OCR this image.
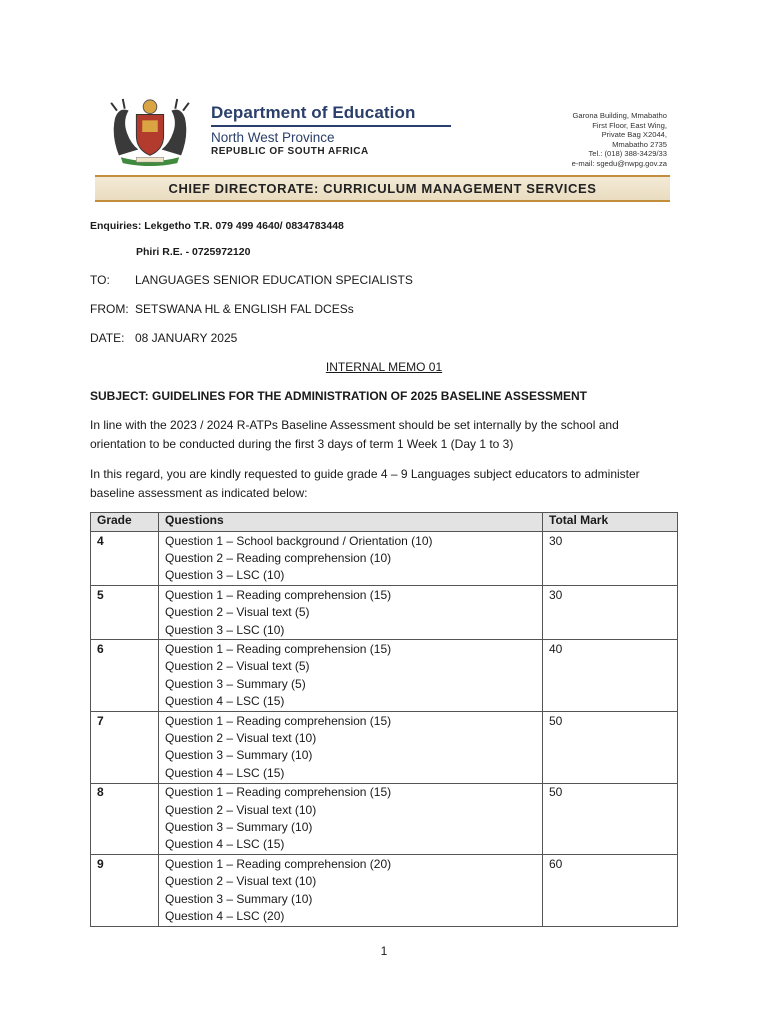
Department of Education
North West Province
REPUBLIC OF SOUTH AFRICA
Garona Building, Mmabatho
First Floor, East Wing,
Private Bag X2044,
Mmabatho 2735
Tel.: (018) 388-3429/33
e-mail: sgedu@nwpg.gov.za
CHIEF DIRECTORATE: CURRICULUM MANAGEMENT SERVICES
Enquiries: Lekgetho T.R. 079 499 4640/ 0834783448
Phiri R.E. - 0725972120
TO: LANGUAGES SENIOR EDUCATION SPECIALISTS
FROM: SETSWANA HL & ENGLISH FAL DCESs
DATE: 08 JANUARY 2025
INTERNAL MEMO 01
SUBJECT: GUIDELINES FOR THE ADMINISTRATION OF 2025 BASELINE ASSESSMENT
In line with the 2023 / 2024 R-ATPs Baseline Assessment should be set internally by the school and
orientation to be conducted during the first 3 days of term 1 Week 1 (Day 1 to 3)
In this regard, you are kindly requested to guide grade 4 – 9 Languages subject educators to administer
baseline assessment as indicated below:
Grade	Questions	Total Mark
4	Question 1 – School background / Orientation (10)
Question 2 – Reading comprehension (10)
Question 3 – LSC (10)	30
5	Question 1 – Reading comprehension (15)
Question 2 – Visual text (5)
Question 3 – LSC (10)	30
6	Question 1 – Reading comprehension (15)
Question 2 – Visual text (5)
Question 3 – Summary (5)
Question 4 – LSC (15)	40
7	Question 1 – Reading comprehension (15)
Question 2 – Visual text (10)
Question 3 – Summary (10)
Question 4 – LSC (15)	50
8	Question 1 – Reading comprehension (15)
Question 2 – Visual text (10)
Question 3 – Summary (10)
Question 4 – LSC (15)	50
9	Question 1 – Reading comprehension (20)
Question 2 – Visual text (10)
Question 3 – Summary (10)
Question 4 – LSC (20)	60
1
